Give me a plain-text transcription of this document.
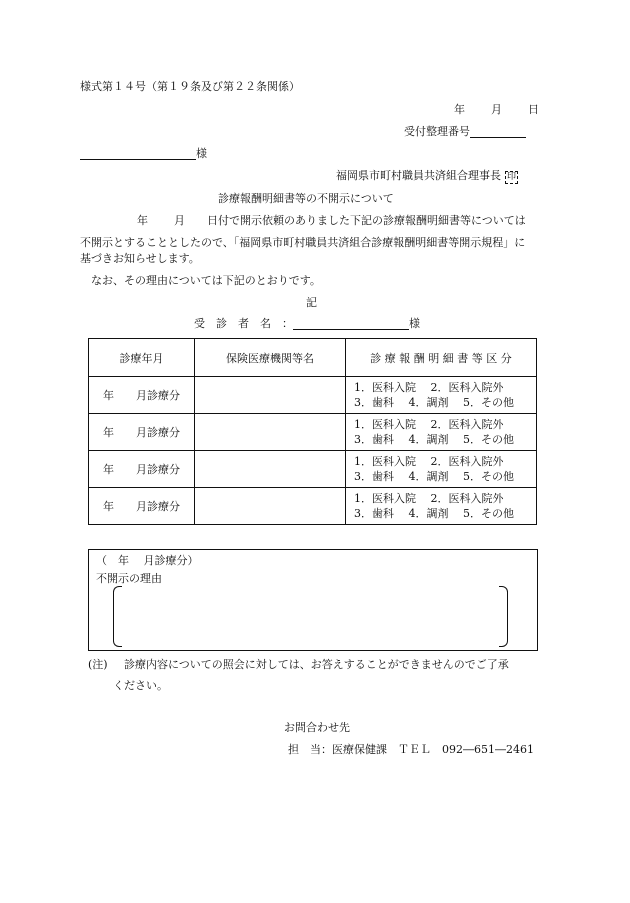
様式第１４号（第１９条及び第２２条関係）
年 月 日
受付整理番号
様
福岡県市町村職員共済組合理事長 印
診療報酬明細書等の不開示について
年 月 日付で開示依頼のありました下記の診療報酬明細書等については
不開示とすることとしたので、「福岡県市町村職員共済組合診療報酬明細書等開示規程」に
基づきお知らせします。
なお、その理由については下記のとおりです。
記
受　診　者　名　：	様
診療年月	保険医療機関等名	診 療 報 酬 明 細 書 等 区 分
年　　月診療分		1．医科入院　 2．医科入院外
3．歯科　 4．調剤　 5．その他

年　　月診療分		1．医科入院　 2．医科入院外
3．歯科　 4．調剤　 5．その他

年　　月診療分		1．医科入院　 2．医科入院外
3．歯科　 4．調剤　 5．その他

年　　月診療分		1．医科入院　 2．医科入院外
3．歯科　 4．調剤　 5．その他
（　年　 月診療分）
不開示の理由
(注) 診療内容についての照会に対しては、お答えすることができませんのでご了承
ください。
お問合わせ先
担　当：医療保健課　ＴＥＬ　092―651―2461
